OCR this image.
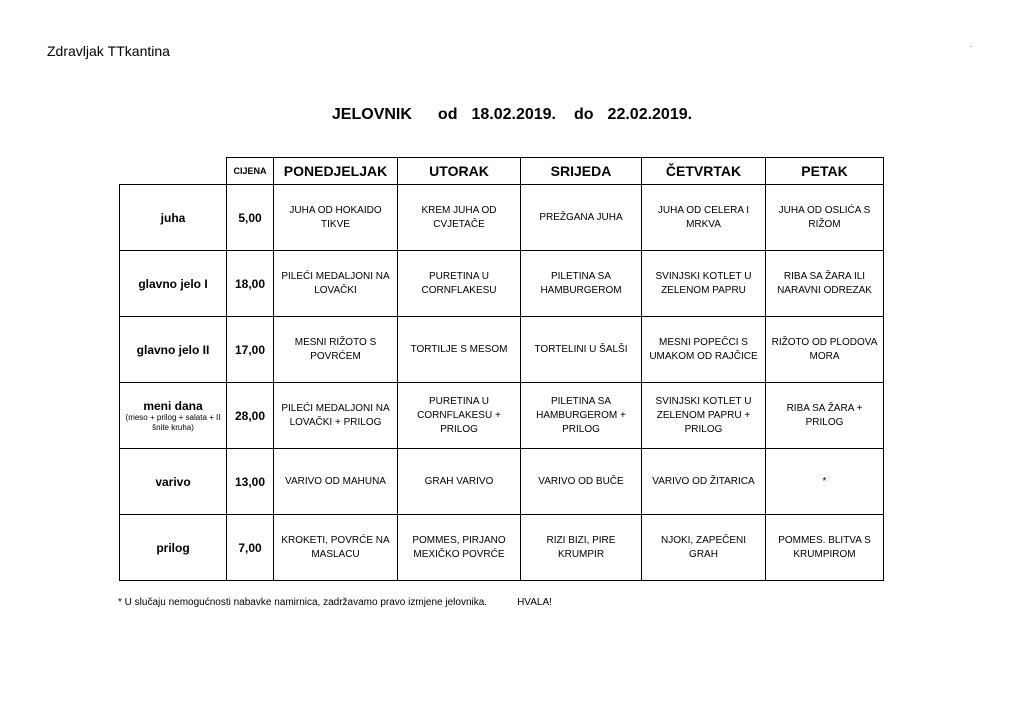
Zdravljak ΤΤkantina	.
JELOVNIK od 18.02.2019. do 22.02.2019.
	CIJENA	PONEDJELJAK	UTORAK	SRIJEDA	ČETVRTAK	PETAK
juha	5,00	JUHA OD HOKAIDO TIKVE	KREM JUHA OD CVJETAČE	PREŽGANA JUHA	JUHA OD CELERA I MRKVA	JUHA OD OSLIĆA S RIŽOM
glavno jelo I	18,00	PILEĆI MEDALJONI NA LOVAČKI	PURETINA U CORNFLAKESU	PILETINA SA HAMBURGEROM	SVINJSKI KOTLET U ZELENOM PAPRU	RIBA SA ŽARA ILI NARAVNI ODREZAK
glavno jelo II	17,00	MESNI RIŽOTO S POVRĆEM	TORTILJE S MESOM	TORTELINI U ŠALŠI	MESNI POPEČCI S UMAKOM OD RAJČICE	RIŽOTO OD PLODOVA MORA
meni dana
(meso + prilog + salata + II šnite kruha)	28,00	PILEĆI MEDALJONI NA LOVAČKI + PRILOG	PURETINA U CORNFLAKESU + PRILOG	PILETINA SA HAMBURGEROM + PRILOG	SVINJSKI KOTLET U ZELENOM PAPRU + PRILOG	RIBA SA ŽARA + PRILOG
varivo	13,00	VARIVO OD MAHUNA	GRAH VARIVO	VARIVO OD BUČE	VARIVO OD ŽITARICA	*
prilog	7,00	KROKETI, POVRĆE NA MASLACU	POMMES, PIRJANO MEXIČKO POVRĆE	RIZI BIZI, PIRE KRUMPIR	NJOKI, ZAPEČENI GRAH	POMMES. BLITVA S KRUMPIROM
* U slučaju nemogućnosti nabavke namirnica, zadržavamo pravo izmjene jelovnika.	HVALA!
